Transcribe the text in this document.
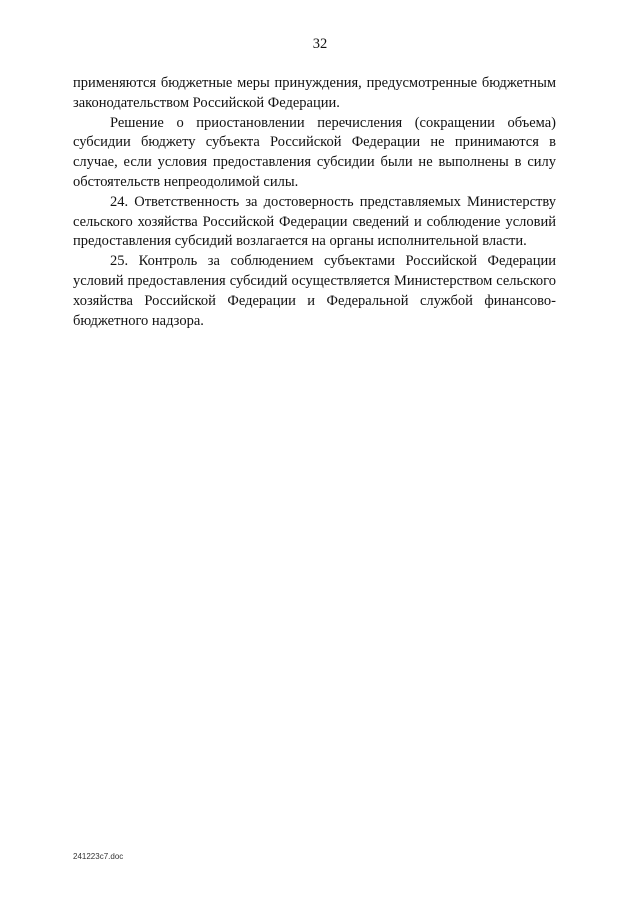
32

применяются бюджетные меры принуждения, предусмотренные бюджетным законодательством Российской Федерации.

Решение о приостановлении перечисления (сокращении объема) субсидии бюджету субъекта Российской Федерации не принимаются в случае, если условия предоставления субсидии были не выполнены в силу обстоятельств непреодолимой силы.

24. Ответственность за достоверность представляемых Министерству сельского хозяйства Российской Федерации сведений и соблюдение условий предоставления субсидий возлагается на органы исполнительной власти.

25. Контроль за соблюдением субъектами Российской Федерации условий предоставления субсидий осуществляется Министерством сельского хозяйства Российской Федерации и Федеральной службой финансово-бюджетного надзора.

241223c7.doc
